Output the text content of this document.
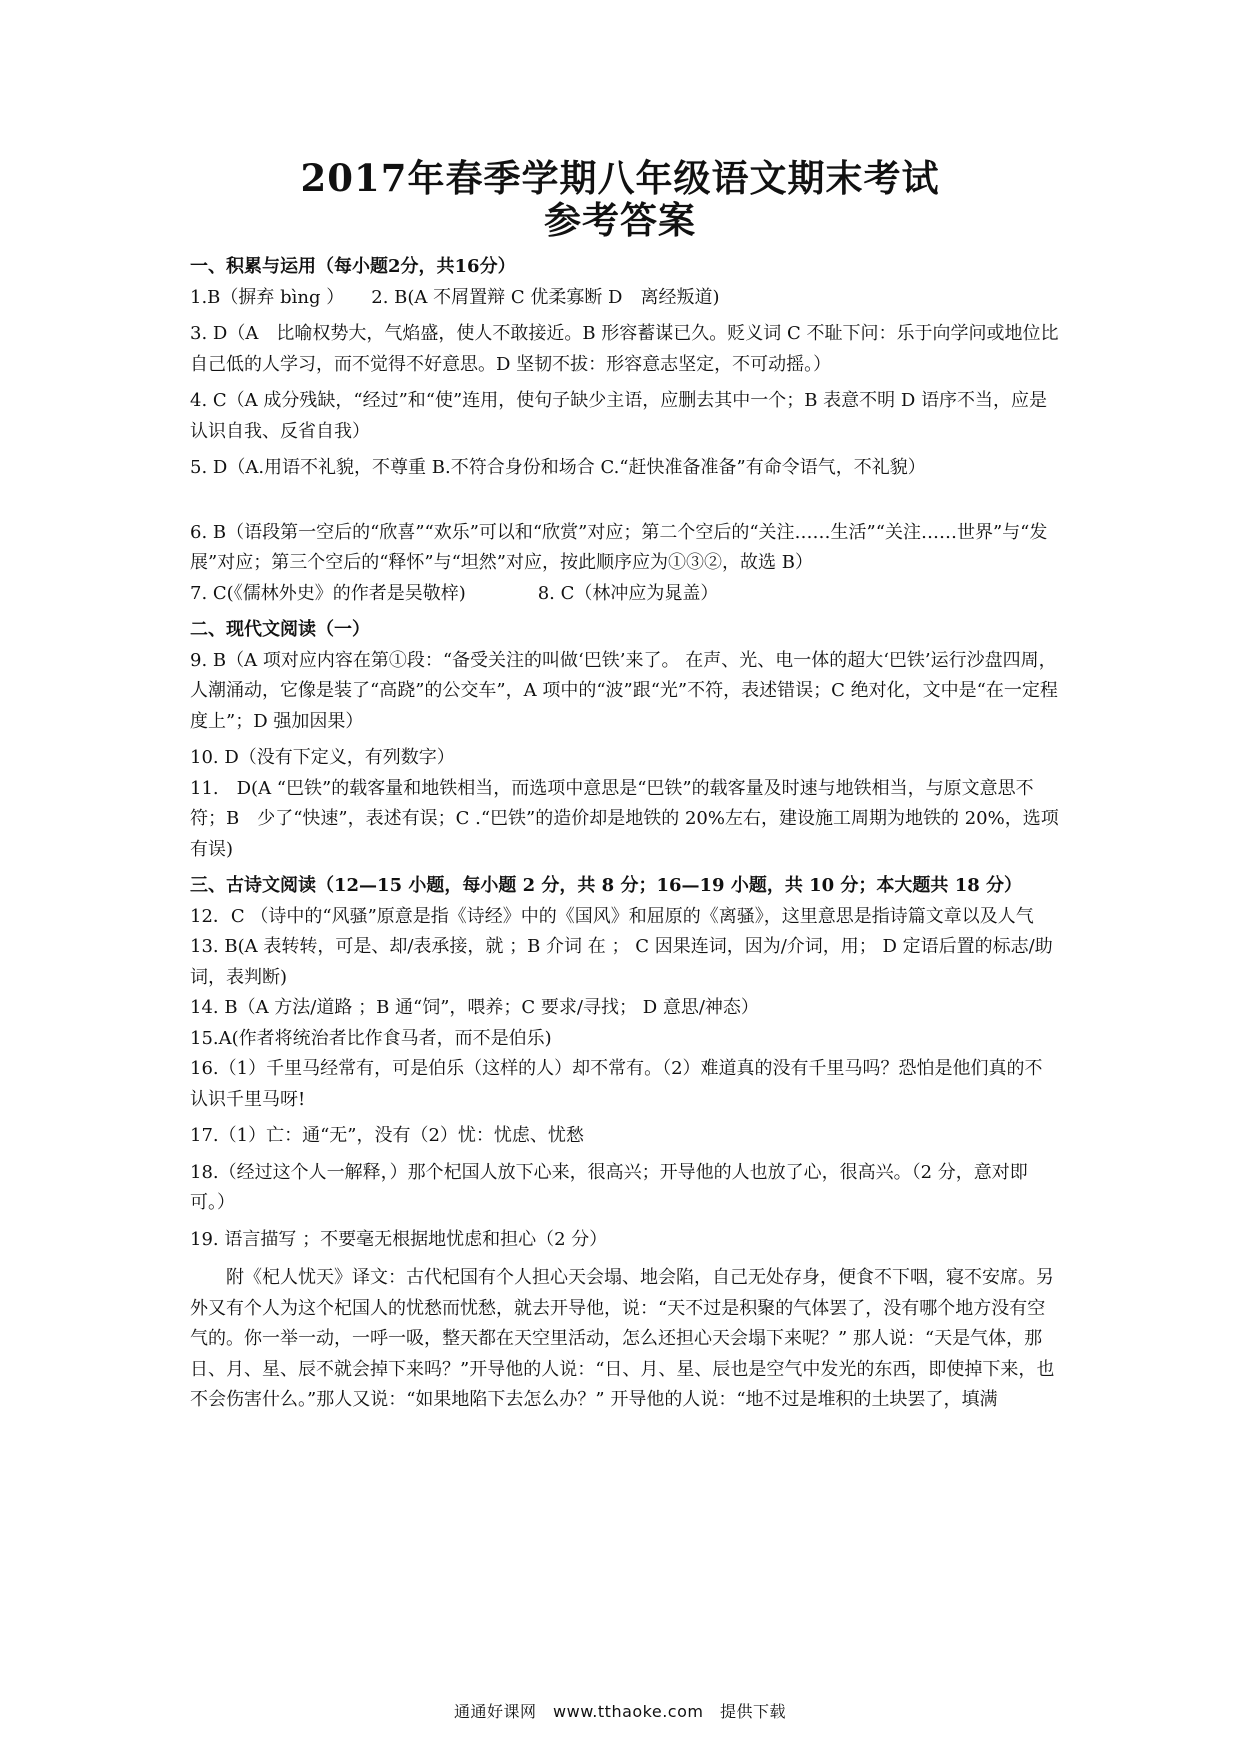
2017年春季学期八年级语文期末考试
参考答案

一、积累与运用（每小题2分，共16分）

1.B（摒弃 bìng ）　　2. B(A 不屑置辩 C 优柔寡断 D　离经叛道)

3. D（A　比喻权势大，气焰盛，使人不敢接近。B 形容蓄谋已久。贬义词 C 不耻下问：乐于向学问或地位比自己低的人学习，而不觉得不好意思。D 坚韧不拔：形容意志坚定，不可动摇。）

4. C（A 成分残缺，“经过”和“使”连用，使句子缺少主语，应删去其中一个；B 表意不明 D 语序不当，应是认识自我、反省自我）

5. D（A.用语不礼貌，不尊重 B.不符合身份和场合 C.“赶快准备准备”有命令语气，不礼貌）

6. B（语段第一空后的“欣喜”“欢乐”可以和“欣赏”对应；第二个空后的“关注……生活”“关注……世界”与“发展”对应；第三个空后的“释怀”与“坦然”对应，按此顺序应为①③②，故选 B）

7. C(《儒林外史》的作者是吴敬梓)　　　　8. C（林冲应为晁盖）

二、现代文阅读（一）

9. B（A 项对应内容在第①段：“备受关注的叫做‘巴铁’来了。 在声、光、电一体的超大‘巴铁’运行沙盘四周，人潮涌动，它像是装了“高跷”的公交车”，A 项中的“波”跟“光”不符，表述错误；C 绝对化，文中是“在一定程度上”；D 强加因果）

10. D（没有下定义，有列数字）

11.　D(A “巴铁”的载客量和地铁相当，而选项中意思是“巴铁”的载客量及时速与地铁相当，与原文意思不符；B　少了“快速”，表述有误；C .“巴铁”的造价却是地铁的 20%左右，建设施工周期为地铁的 20%，选项有误)

三、古诗文阅读（12—15 小题，每小题 2 分，共 8 分；16—19 小题，共 10 分；本大题共 18 分）

12．C （诗中的“风骚”原意是指《诗经》中的《国风》和屈原的《离骚》，这里意思是指诗篇文章以及人气

13. B(A 表转转，可是、却/表承接，就 ；B 介词 在 ； C 因果连词，因为/介词，用； D 定语后置的标志/助词，表判断)

14. B（A 方法/道路 ；B 通“饲”，喂养；C 要求/寻找； D 意思/神态）

15.A(作者将统治者比作食马者，而不是伯乐)

16.（1）千里马经常有，可是伯乐（这样的人）却不常有。（2）难道真的没有千里马吗？恐怕是他们真的不认识千里马呀!

17.（1）亡：通“无”，没有（2）忧：忧虑、忧愁

18.（经过这个人一解释，）那个杞国人放下心来，很高兴；开导他的人也放了心，很高兴。（2 分，意对即可。）

19. 语言描写 ；不要毫无根据地忧虑和担心（2 分）

附《杞人忧天》译文：古代杞国有个人担心天会塌、地会陷，自己无处存身，便食不下咽，寝不安席。另外又有个人为这个杞国人的忧愁而忧愁，就去开导他，说：“天不过是积聚的气体罢了，没有哪个地方没有空气的。你一举一动，一呼一吸，整天都在天空里活动，怎么还担心天会塌下来呢？” 那人说：“天是气体，那日、月、星、辰不就会掉下来吗？”开导他的人说：“日、月、星、辰也是空气中发光的东西，即使掉下来，也不会伤害什么。”那人又说：“如果地陷下去怎么办？” 开导他的人说：“地不过是堆积的土块罢了，填满

通通好课网　www.tthaoke.com　提供下载
